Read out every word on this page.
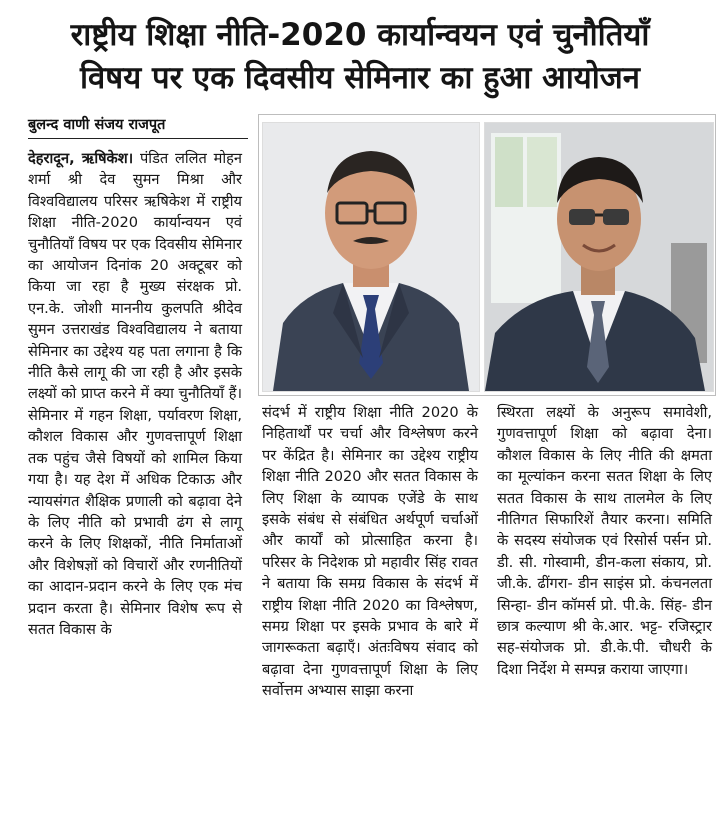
राष्ट्रीय शिक्षा नीति-2020 कार्यान्वयन एवं चुनौतियाँ
विषय पर एक दिवसीय सेमिनार का हुआ आयोजन
बुलन्द वाणी संजय राजपूत

देहरादून, ऋषिकेश। पंडित ललित मोहन शर्मा श्री देव सुमन मिश्रा और विश्वविद्यालय परिसर ऋषिकेश में राष्ट्रीय शिक्षा नीति-2020 कार्यान्वयन एवं चुनौतियाँ विषय पर एक दिवसीय सेमिनार का आयोजन दिनांक 20 अक्टूबर को किया जा रहा है मुख्य संरक्षक प्रो. एन.के. जोशी माननीय कुलपति श्रीदेव सुमन उत्तराखंड विश्वविद्यालय ने बताया सेमिनार का उद्देश्य यह पता लगाना है कि नीति कैसे लागू की जा रही है और इसके लक्ष्यों को प्राप्त करने में क्या चुनौतियाँ हैं। सेमिनार में गहन शिक्षा, पर्यावरण शिक्षा, कौशल विकास और गुणवत्तापूर्ण शिक्षा तक पहुंच जैसे विषयों को शामिल किया गया है। यह देश में अधिक टिकाऊ और न्यायसंगत शैक्षिक प्रणाली को बढ़ावा देने के लिए नीति को प्रभावी ढंग से लागू करने के लिए शिक्षकों, नीति निर्माताओं और विशेषज्ञों को विचारों और रणनीतियों का आदान-प्रदान करने के लिए एक मंच प्रदान करता है। सेमिनार विशेष रूप से सतत विकास के

संदर्भ में राष्ट्रीय शिक्षा नीति 2020 के निहितार्थों पर चर्चा और विश्लेषण करने पर केंद्रित है। सेमिनार का उद्देश्य राष्ट्रीय शिक्षा नीति 2020 और सतत विकास के लिए शिक्षा के व्यापक एजेंडे के साथ इसके संबंध से संबंधित अर्थपूर्ण चर्चाओं और कार्यों को प्रोत्साहित करना है। परिसर के निदेशक प्रो महावीर सिंह रावत ने बताया कि समग्र विकास के संदर्भ में राष्ट्रीय शिक्षा नीति 2020 का विश्लेषण, समग्र शिक्षा पर इसके प्रभाव के बारे में जागरूकता बढ़ाएँ। अंतःविषय संवाद को बढ़ावा देना गुणवत्तापूर्ण शिक्षा के लिए सर्वोत्तम अभ्यास साझा करना

स्थिरता लक्ष्यों के अनुरूप समावेशी, गुणवत्तापूर्ण शिक्षा को बढ़ावा देना। कौशल विकास के लिए नीति की क्षमता का मूल्यांकन करना सतत शिक्षा के लिए सतत विकास के साथ तालमेल के लिए नीतिगत सिफारिशें तैयार करना। समिति के सदस्य संयोजक एवं रिसोर्स पर्सन प्रो. डी. सी. गोस्वामी, डीन-कला संकाय, प्रो. जी.के. ढींगरा- डीन साइंस प्रो. कंचनलता सिन्हा- डीन कॉमर्स प्रो. पी.के. सिंह- डीन छात्र कल्याण श्री के.आर. भट्ट- रजिस्ट्रार सह-संयोजक प्रो. डी.के.पी. चौधरी के दिशा निर्देश मे सम्पन्न कराया जाएगा।
